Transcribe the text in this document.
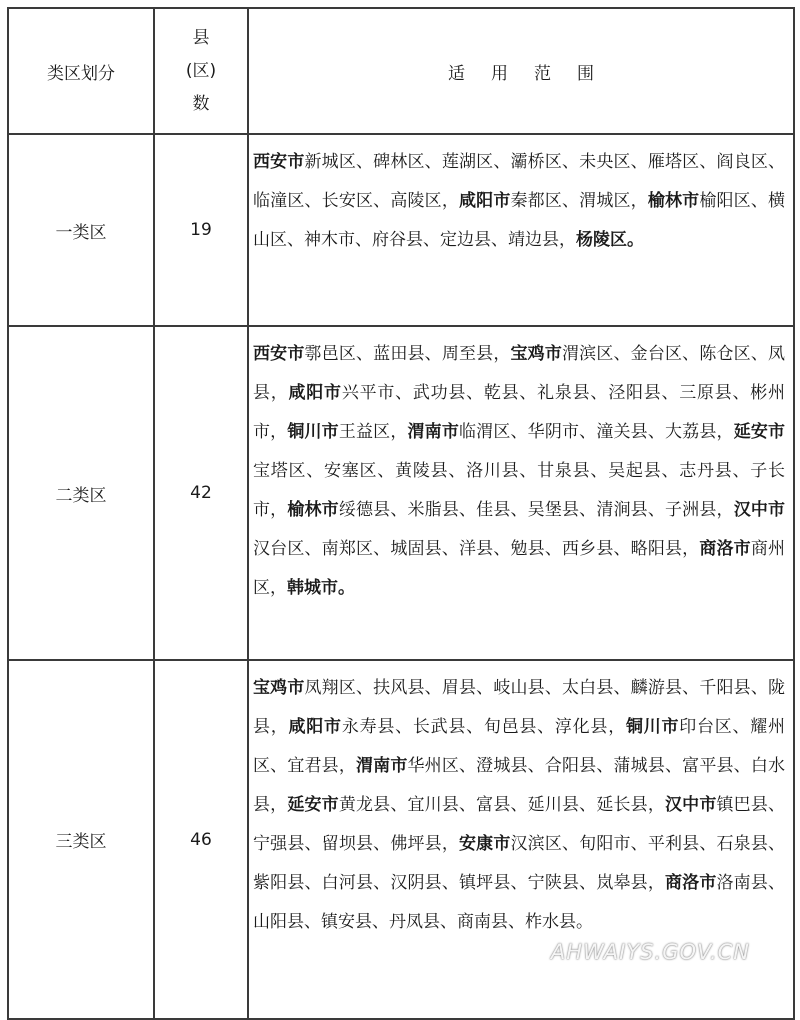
类区划分	县
(区)
数	适用范围
一类区	19	西安市新城区、碑林区、莲湖区、灞桥区、未央区、雁塔区、阎良区、临潼区、长安区、高陵区，咸阳市秦都区、渭城区，榆林市榆阳区、横山区、神木市、府谷县、定边县、靖边县，杨陵区。
二类区	42	西安市鄠邑区、蓝田县、周至县，宝鸡市渭滨区、金台区、陈仓区、凤县，咸阳市兴平市、武功县、乾县、礼泉县、泾阳县、三原县、彬州市，铜川市王益区，渭南市临渭区、华阴市、潼关县、大荔县，延安市宝塔区、安塞区、黄陵县、洛川县、甘泉县、吴起县、志丹县、子长市，榆林市绥德县、米脂县、佳县、吴堡县、清涧县、子洲县，汉中市汉台区、南郑区、城固县、洋县、勉县、西乡县、略阳县，商洛市商州区，韩城市。
三类区	46	宝鸡市凤翔区、扶风县、眉县、岐山县、太白县、麟游县、千阳县、陇县，咸阳市永寿县、长武县、旬邑县、淳化县，铜川市印台区、耀州区、宜君县，渭南市华州区、澄城县、合阳县、蒲城县、富平县、白水县，延安市黄龙县、宜川县、富县、延川县、延长县，汉中市镇巴县、宁强县、留坝县、佛坪县，安康市汉滨区、旬阳市、平利县、石泉县、紫阳县、白河县、汉阴县、镇坪县、宁陕县、岚皋县，商洛市洛南县、山阳县、镇安县、丹凤县、商南县、柞水县。
AHWAIYS.GOV.CN
